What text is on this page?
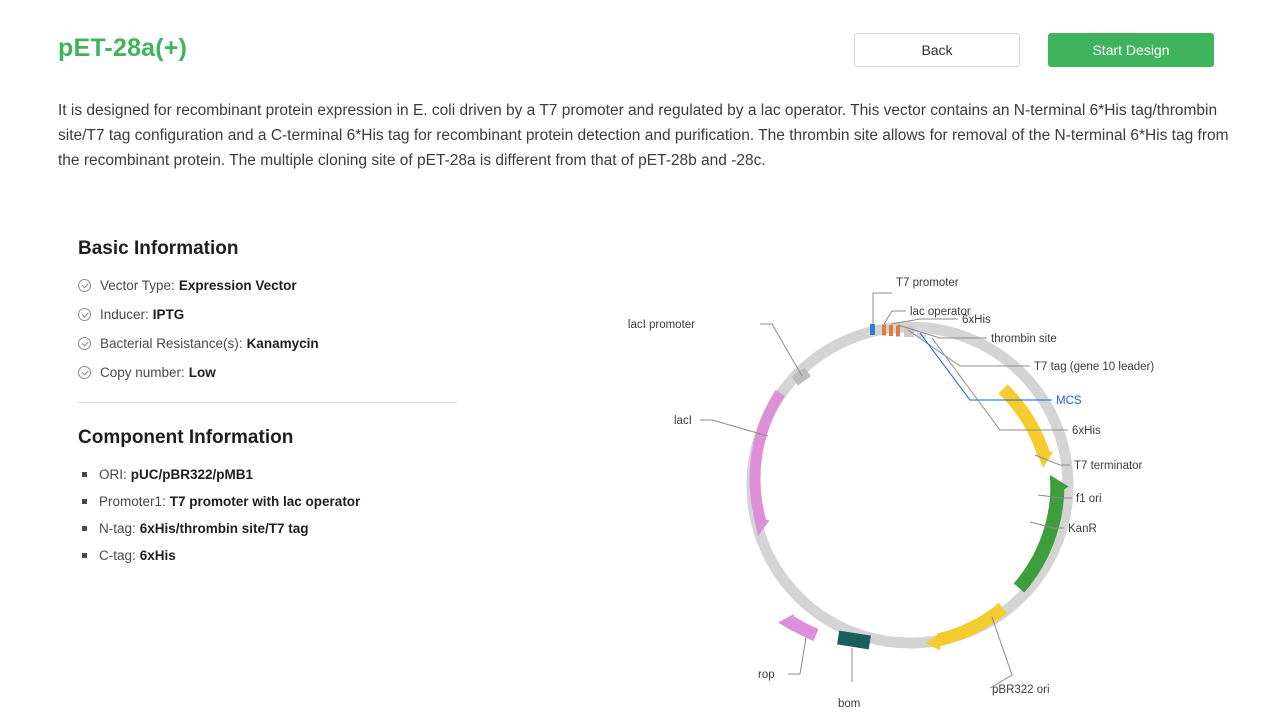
pET-28a(+)	Back	Start Design
It is designed for recombinant protein expression in E. coli driven by a T7 promoter and regulated by a lac operator. This vector contains an N-terminal 6*His tag/thrombin site/T7 tag configuration and a C-terminal 6*His tag for recombinant protein detection and purification. The thrombin site allows for removal of the N-terminal 6*His tag from the recombinant protein. The multiple cloning site of pET-28a is different from that of pET-28b and -28c.
Basic Information
Vector Type: Expression Vector
Inducer: IPTG
Bacterial Resistance(s): Kanamycin
Copy number: Low
Component Information
ORI: pUC/pBR322/pMB1
Promoter1: T7 promoter with lac operator
N-tag: 6xHis/thrombin site/T7 tag
C-tag: 6xHis
T7 promoter
lac operator
6xHis
thrombin site
T7 tag (gene 10 leader)
MCS
6xHis
T7 terminator
f1 ori
KanR
pBR322 ori
bom
rop
lacI
lacI promoter
